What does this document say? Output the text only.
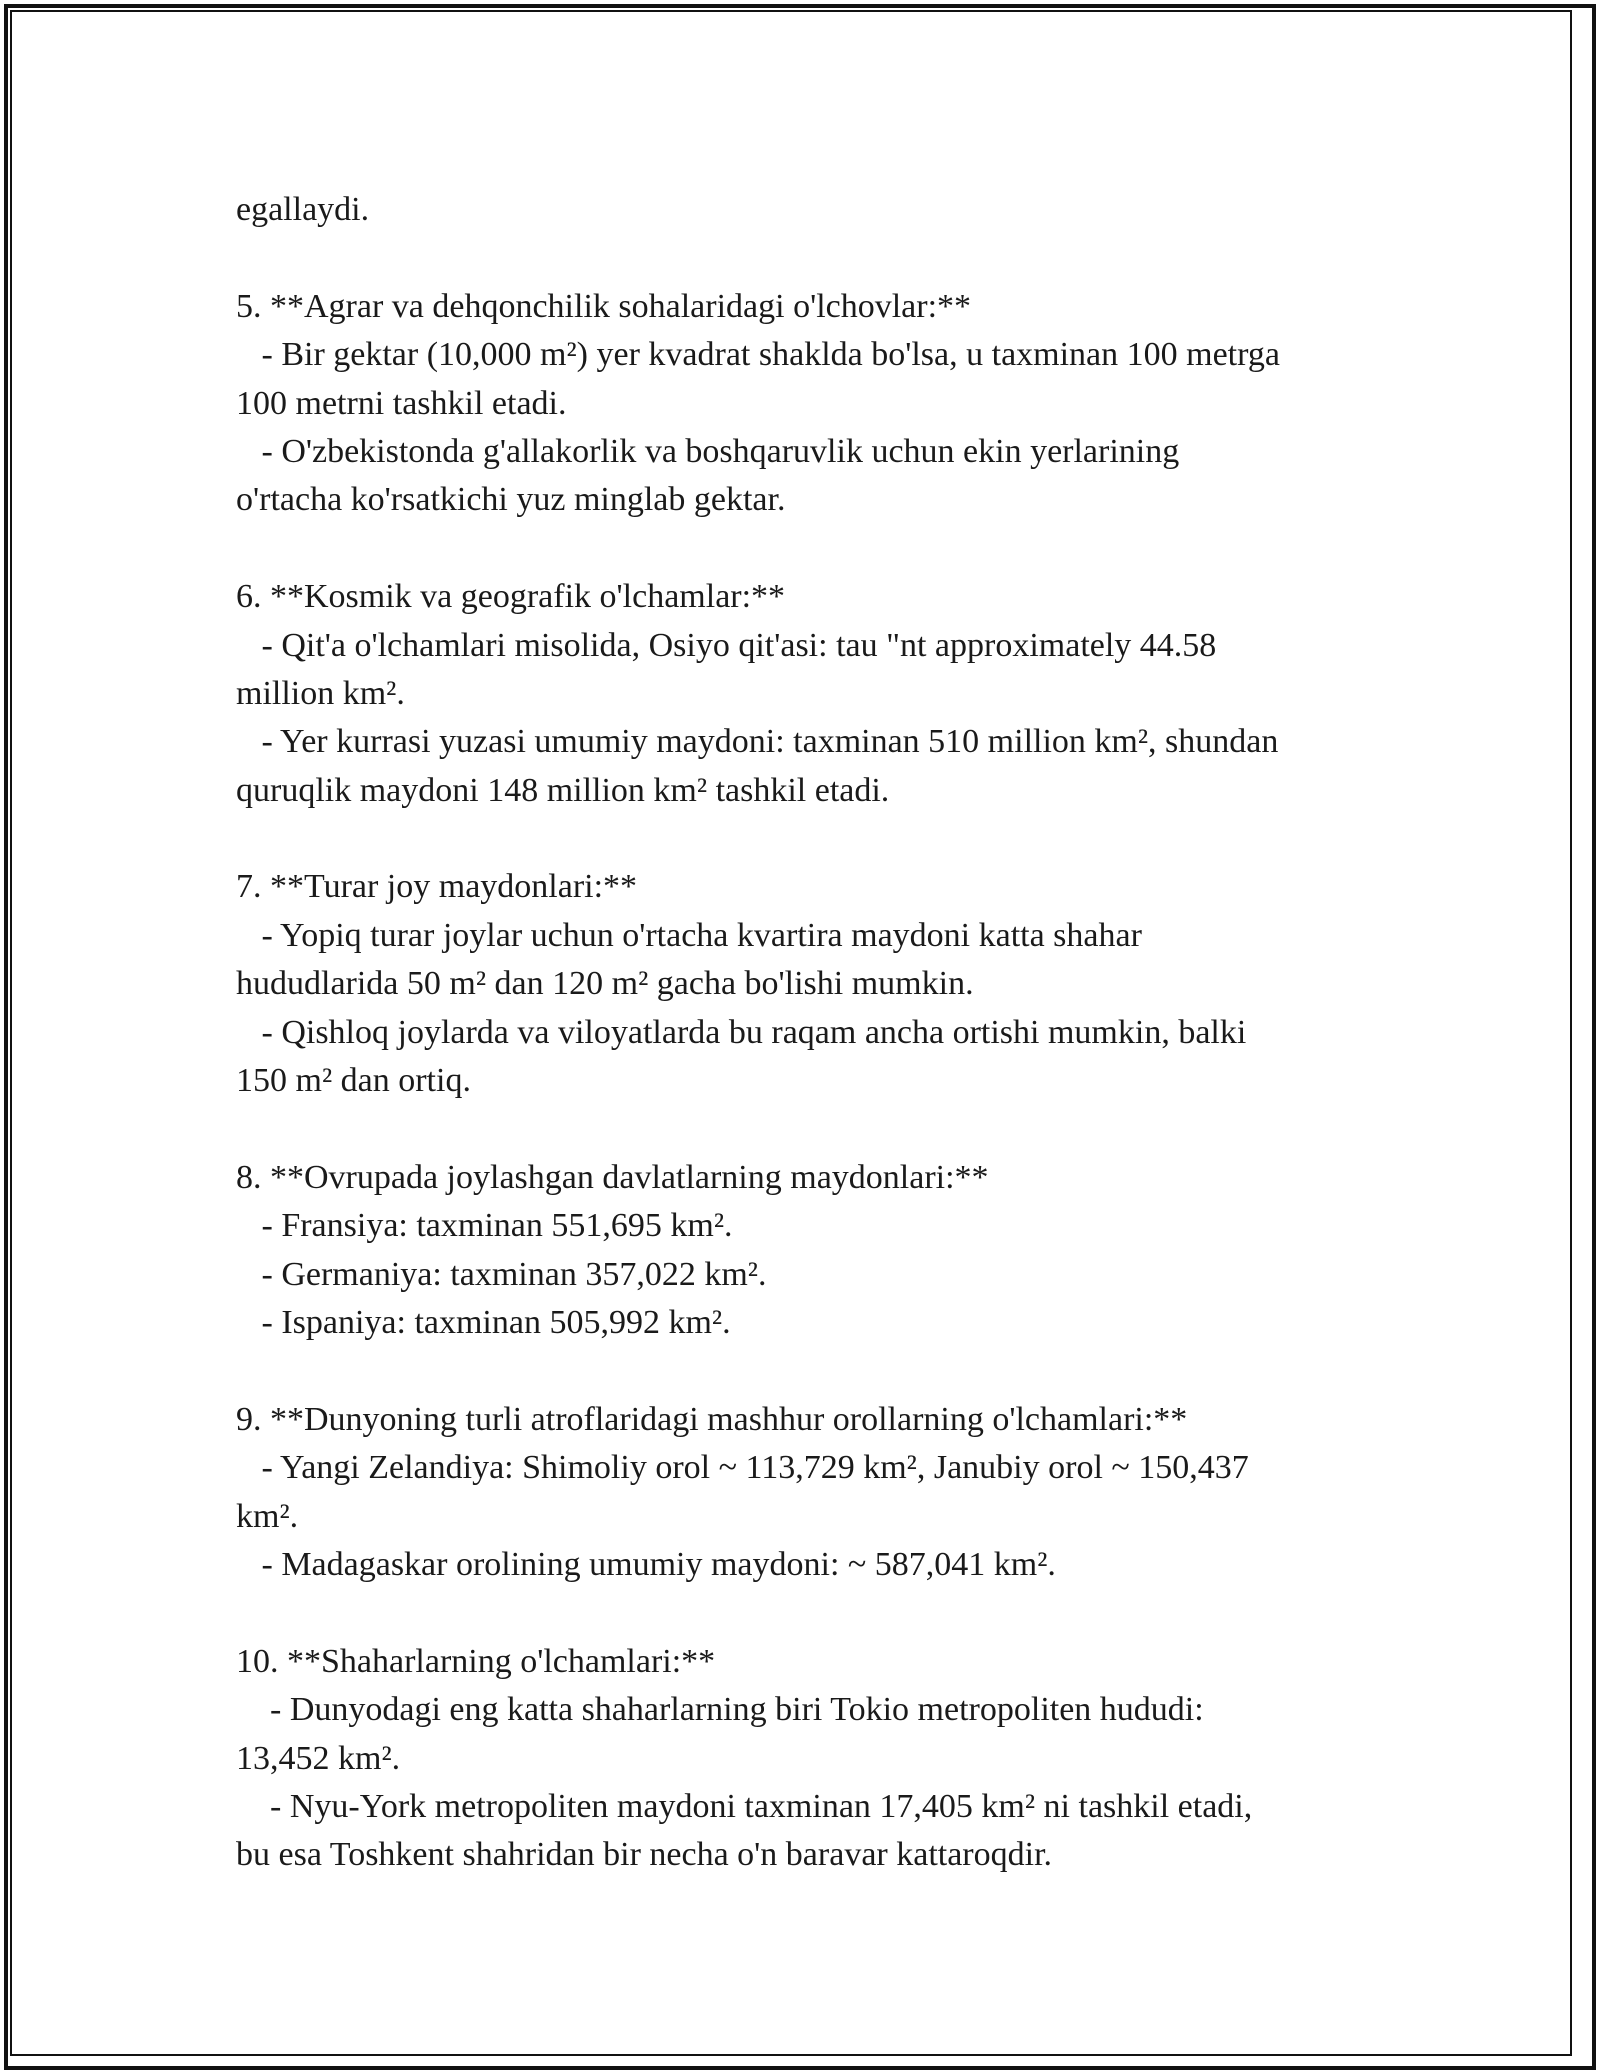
egallaydi.
5. **Agrar va dehqonchilik sohalaridagi o'lchovlar:**
- Bir gektar (10,000 m²) yer kvadrat shaklda bo'lsa, u taxminan 100 metrga
100 metrni tashkil etadi.
- O'zbekistonda g'allakorlik va boshqaruvlik uchun ekin yerlarining
o'rtacha ko'rsatkichi yuz minglab gektar.
6. **Kosmik va geografik o'lchamlar:**
- Qit'a o'lchamlari misolida, Osiyo qit'asi: tau "nt approximately 44.58
million km².
- Yer kurrasi yuzasi umumiy maydoni: taxminan 510 million km², shundan
quruqlik maydoni 148 million km² tashkil etadi.
7. **Turar joy maydonlari:**
- Yopiq turar joylar uchun o'rtacha kvartira maydoni katta shahar
hududlarida 50 m² dan 120 m² gacha bo'lishi mumkin.
- Qishloq joylarda va viloyatlarda bu raqam ancha ortishi mumkin, balki
150 m² dan ortiq.
8. **Ovrupada joylashgan davlatlarning maydonlari:**
- Fransiya: taxminan 551,695 km².
- Germaniya: taxminan 357,022 km².
- Ispaniya: taxminan 505,992 km².
9. **Dunyoning turli atroflaridagi mashhur orollarning o'lchamlari:**
- Yangi Zelandiya: Shimoliy orol ~ 113,729 km², Janubiy orol ~ 150,437
km².
- Madagaskar orolining umumiy maydoni: ~ 587,041 km².
10. **Shaharlarning o'lchamlari:**
- Dunyodagi eng katta shaharlarning biri Tokio metropoliten hududi:
13,452 km².
- Nyu-York metropoliten maydoni taxminan 17,405 km² ni tashkil etadi,
bu esa Toshkent shahridan bir necha o'n baravar kattaroqdir.
